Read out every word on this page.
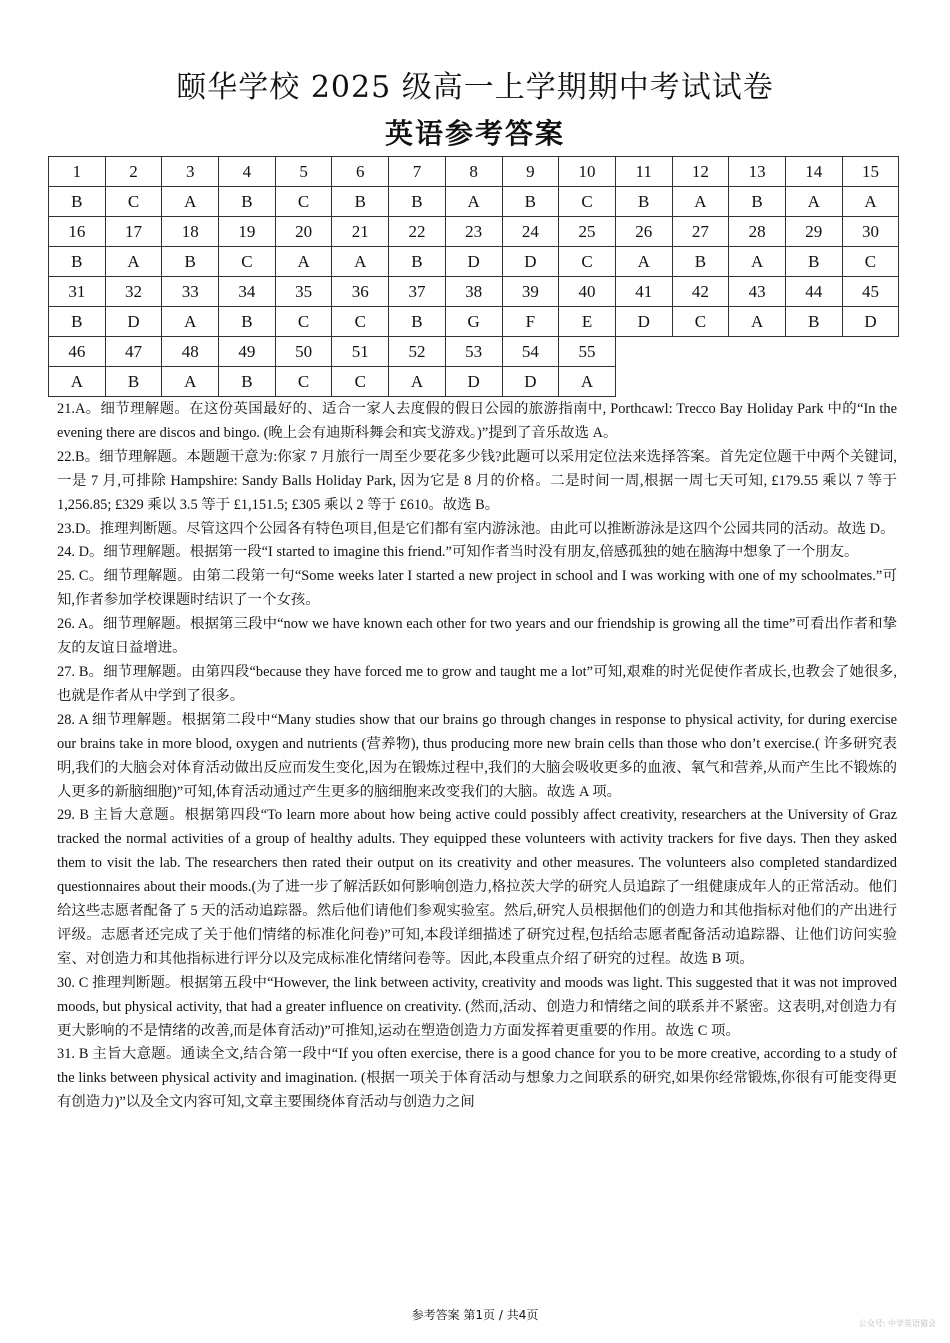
颐华学校 2025 级高一上学期期中考试试卷
英语参考答案
1	2	3	4	5	6	7	8	9	10	11	12	13	14	15
B	C	A	B	C	B	B	A	B	C	B	A	B	A	A
16	17	18	19	20	21	22	23	24	25	26	27	28	29	30
B	A	B	C	A	A	B	D	D	C	A	B	A	B	C
31	32	33	34	35	36	37	38	39	40	41	42	43	44	45
B	D	A	B	C	C	B	G	F	E	D	C	A	B	D
46	47	48	49	50	51	52	53	54	55					
A	B	A	B	C	C	A	D	D	A					

21.A。细节理解题。在这份英国最好的、适合一家人去度假的假日公园的旅游指南中, Porthcawl: Trecco Bay Holiday Park 中的“In the evening there are discos and bingo. (晚上会有迪斯科舞会和宾戈游戏。)”提到了音乐故选 A。

22.B。细节理解题。本题题干意为:你家 7 月旅行一周至少要花多少钱?此题可以采用定位法来选择答案。首先定位题干中两个关键词,一是 7 月,可排除 Hampshire: Sandy Balls Holiday Park, 因为它是 8 月的价格。二是时间一周,根据一周七天可知, £179.55 乘以 7 等于 1,256.85; £329 乘以 3.5 等于 £1,151.5; £305 乘以 2 等于 £610。故选 B。

23.D。推理判断题。尽管这四个公园各有特色项目,但是它们都有室内游泳池。由此可以推断游泳是这四个公园共同的活动。故选 D。

24. D。细节理解题。根据第一段“I started to imagine this friend.”可知作者当时没有朋友,倍感孤独的她在脑海中想象了一个朋友。

25. C。细节理解题。由第二段第一句“Some weeks later I started a new project in school and I was working with one of my schoolmates.”可知,作者参加学校课题时结识了一个女孩。

26. A。细节理解题。根据第三段中“now we have known each other for two years and our friendship is growing all the time”可看出作者和挚友的友谊日益增进。

27. B。细节理解题。由第四段“because they have forced me to grow and taught me a lot”可知,艰难的时光促使作者成长,也教会了她很多,也就是作者从中学到了很多。

28. A 细节理解题。根据第二段中“Many studies show that our brains go through changes in response to physical activity, for during exercise our brains take in more blood, oxygen and nutrients (营养物), thus producing more new brain cells than those who don’t exercise.( 许多研究表明,我们的大脑会对体育活动做出反应而发生变化,因为在锻炼过程中,我们的大脑会吸收更多的血液、氧气和营养,从而产生比不锻炼的人更多的新脑细胞)”可知,体育活动通过产生更多的脑细胞来改变我们的大脑。故选 A 项。

29. B 主旨大意题。根据第四段“To learn more about how being active could possibly affect creativity, researchers at the University of Graz tracked the normal activities of a group of healthy adults. They equipped these volunteers with activity trackers for five days. Then they asked them to visit the lab. The researchers then rated their output on its creativity and other measures. The volunteers also completed standardized questionnaires about their moods.(为了进一步了解活跃如何影响创造力,格拉茨大学的研究人员追踪了一组健康成年人的正常活动。他们给这些志愿者配备了 5 天的活动追踪器。然后他们请他们参观实验室。然后,研究人员根据他们的创造力和其他指标对他们的产出进行评级。志愿者还完成了关于他们情绪的标准化问卷)”可知,本段详细描述了研究过程,包括给志愿者配备活动追踪器、让他们访问实验室、对创造力和其他指标进行评分以及完成标准化情绪问卷等。因此,本段重点介绍了研究的过程。故选 B 项。

30. C 推理判断题。根据第五段中“However, the link between activity, creativity and moods was light. This suggested that it was not improved moods, but physical activity, that had a greater influence on creativity. (然而,活动、创造力和情绪之间的联系并不紧密。这表明,对创造力有更大影响的不是情绪的改善,而是体育活动)”可推知,运动在塑造创造力方面发挥着更重要的作用。故选 C 项。

31. B 主旨大意题。通读全文,结合第一段中“If you often exercise, there is a good chance for you to be more creative, according to a study of the links between physical activity and imagination. (根据一项关于体育活动与想象力之间联系的研究,如果你经常锻炼,你很有可能变得更有创造力)”以及全文内容可知,文章主要围绕体育活动与创造力之间

参考答案 第1页 / 共4页
公众号: 中学英语猫会
